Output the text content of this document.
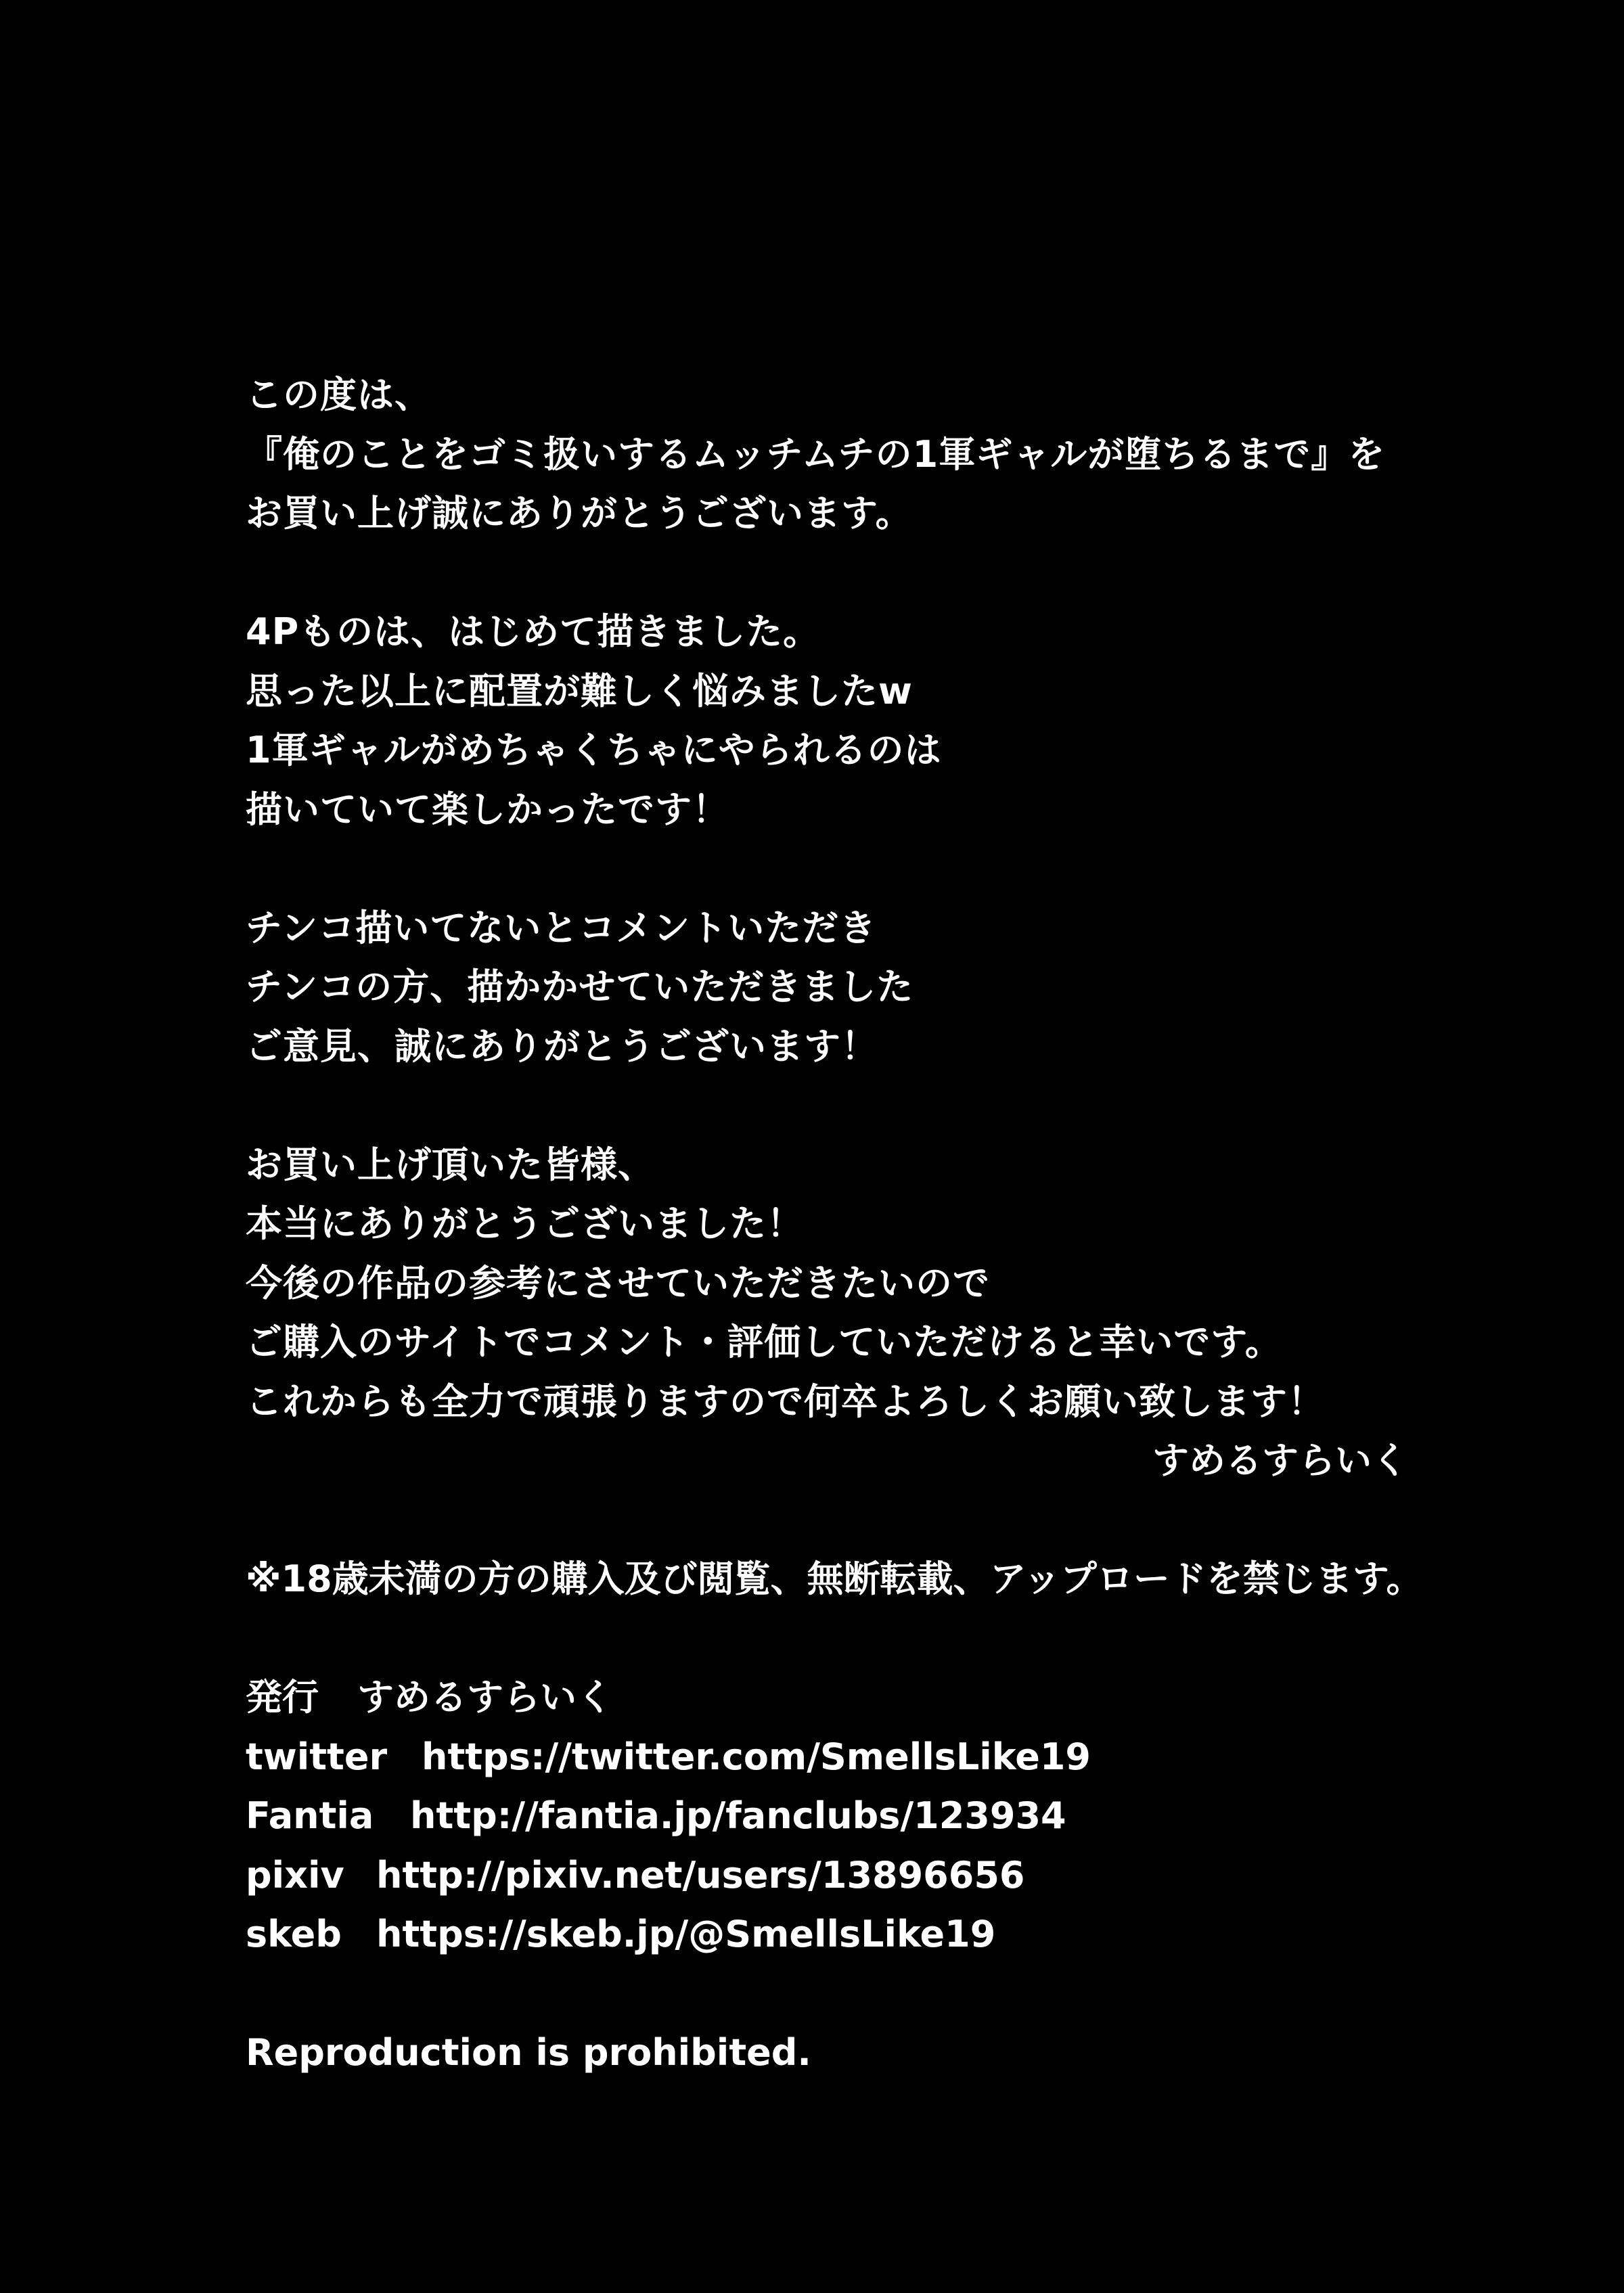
この度は、
『俺のことをゴミ扱いするムッチムチの1軍ギャルが堕ちるまで』を
お買い上げ誠にありがとうございます。
4Pものは、はじめて描きました。
思った以上に配置が難しく悩みましたw
1軍ギャルがめちゃくちゃにやられるのは
描いていて楽しかったです！
チンコ描いてないとコメントいただき
チンコの方、描かかせていただきました
ご意見、誠にありがとうございます！
お買い上げ頂いた皆様、
本当にありがとうございました！
今後の作品の参考にさせていただきたいので
ご購入のサイトでコメント・評価していただけると幸いです。
これからも全力で頑張りますので何卒よろしくお願い致します！
すめるすらいく
※18歳未満の方の購入及び閲覧、無断転載、アップロードを禁じます。
発行 すめるすらいく
twitter https://twitter.com/SmellsLike19
Fantia http://fantia.jp/fanclubs/123934
pixiv http://pixiv.net/users/13896656
skeb https://skeb.jp/@SmellsLike19
Reproduction is prohibited.
